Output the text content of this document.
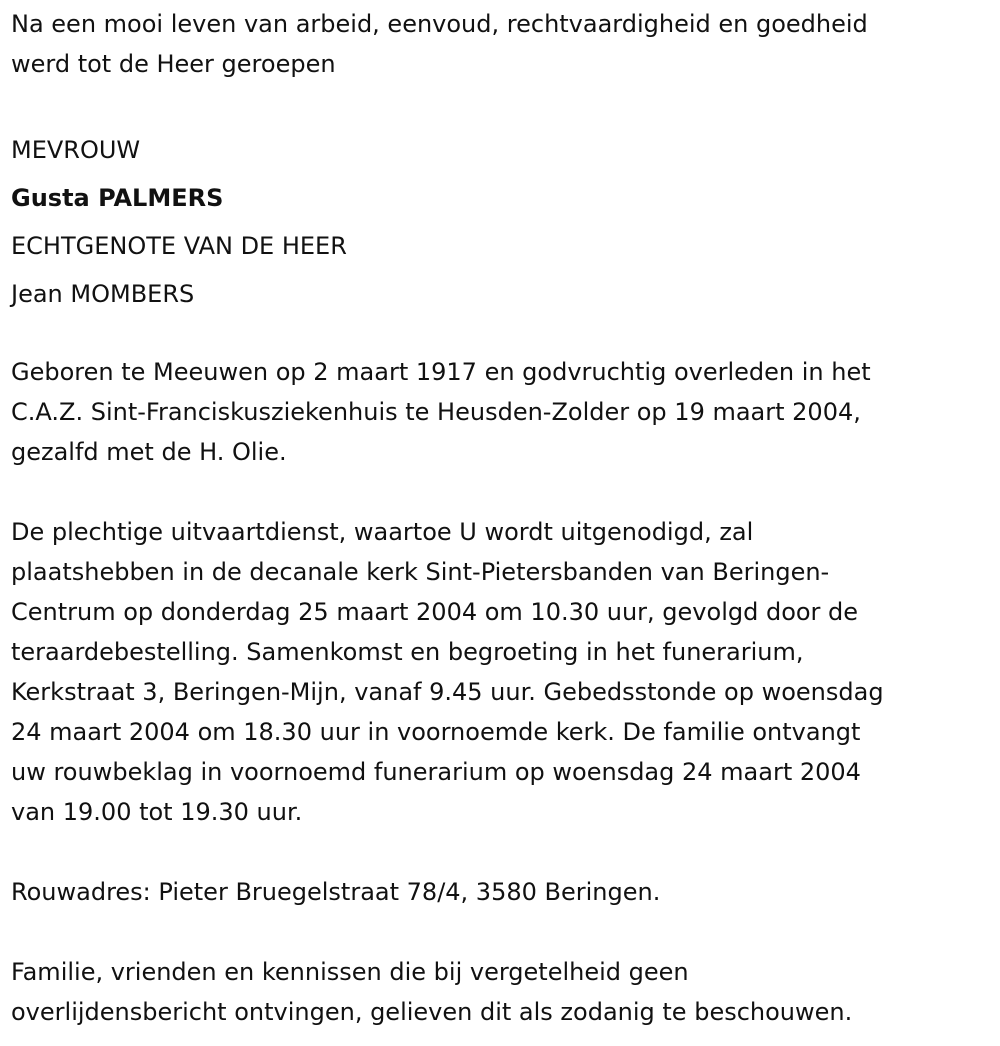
Na een mooi leven van arbeid, eenvoud, rechtvaardigheid en goedheid
werd tot de Heer geroepen

MEVROUW
Gusta PALMERS
ECHTGENOTE VAN DE HEER
Jean MOMBERS

Geboren te Meeuwen op 2 maart 1917 en godvruchtig overleden in het
C.A.Z. Sint-Franciskusziekenhuis te Heusden-Zolder op 19 maart 2004,
gezalfd met de H. Olie.

De plechtige uitvaartdienst, waartoe U wordt uitgenodigd, zal
plaatshebben in de decanale kerk Sint-Pietersbanden van Beringen-
Centrum op donderdag 25 maart 2004 om 10.30 uur, gevolgd door de
teraardebestelling. Samenkomst en begroeting in het funerarium,
Kerkstraat 3, Beringen-Mijn, vanaf 9.45 uur. Gebedsstonde op woensdag
24 maart 2004 om 18.30 uur in voornoemde kerk. De familie ontvangt
uw rouwbeklag in voornoemd funerarium op woensdag 24 maart 2004
van 19.00 tot 19.30 uur.

Rouwadres: Pieter Bruegelstraat 78/4, 3580 Beringen.

Familie, vrienden en kennissen die bij vergetelheid geen
overlijdensbericht ontvingen, gelieven dit als zodanig te beschouwen.
